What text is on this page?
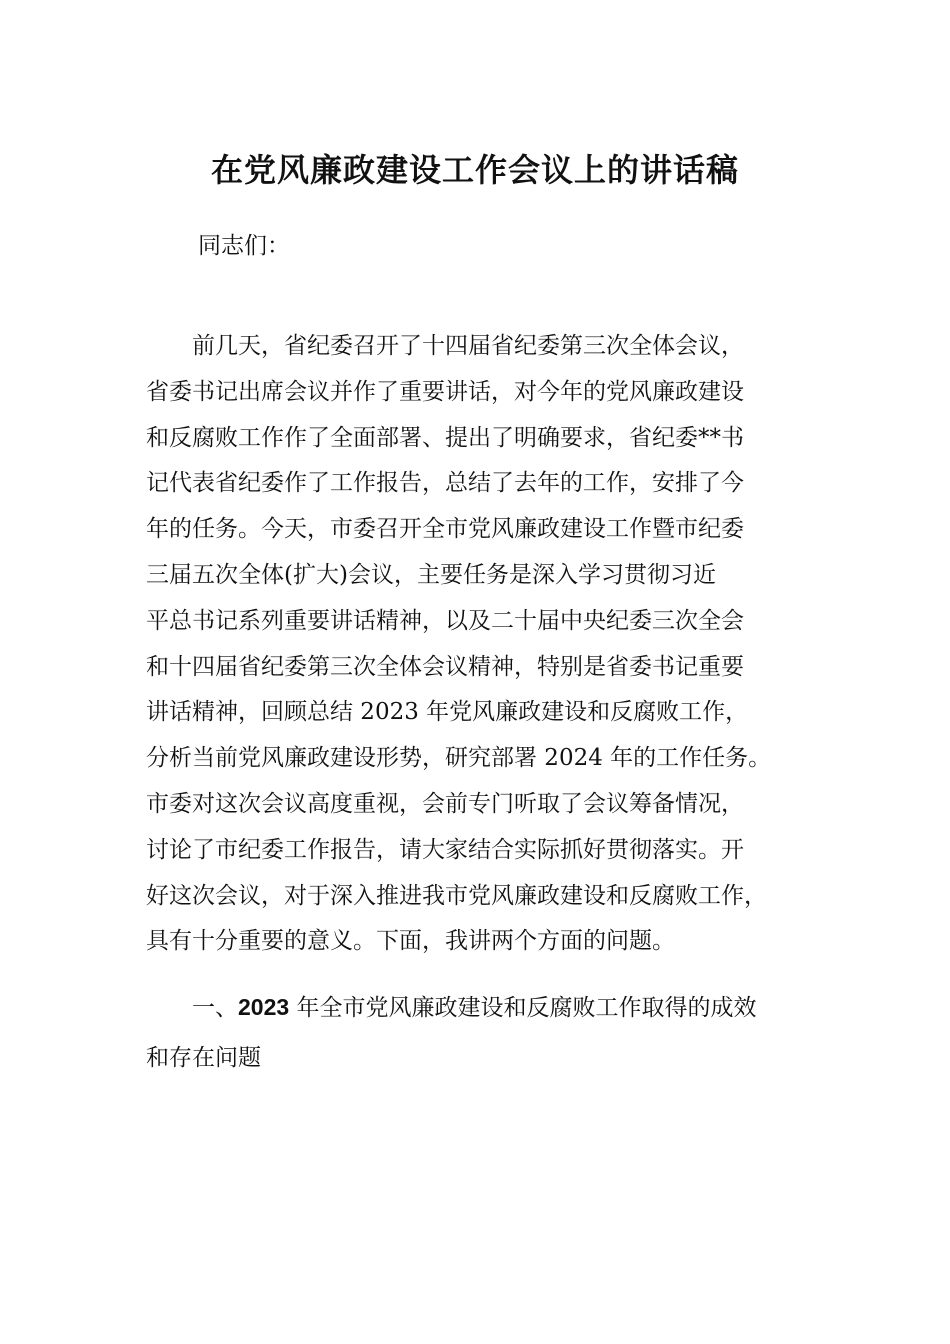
在党风廉政建设工作会议上的讲话稿
同志们：
　　前几天，省纪委召开了十四届省纪委第三次全体会议，
省委书记出席会议并作了重要讲话，对今年的党风廉政建设
和反腐败工作作了全面部署、提出了明确要求，省纪委**书
记代表省纪委作了工作报告，总结了去年的工作，安排了今
年的任务。今天，市委召开全市党风廉政建设工作暨市纪委
三届五次全体(扩大)会议，主要任务是深入学习贯彻习近
平总书记系列重要讲话精神，以及二十届中央纪委三次全会
和十四届省纪委第三次全体会议精神，特别是省委书记重要
讲话精神，回顾总结 2023 年党风廉政建设和反腐败工作，
分析当前党风廉政建设形势，研究部署 2024 年的工作任务。
市委对这次会议高度重视，会前专门听取了会议筹备情况，
讨论了市纪委工作报告，请大家结合实际抓好贯彻落实。开
好这次会议，对于深入推进我市党风廉政建设和反腐败工作，
具有十分重要的意义。下面，我讲两个方面的问题。
　　一、2023 年全市党风廉政建设和反腐败工作取得的成效
和存在问题
